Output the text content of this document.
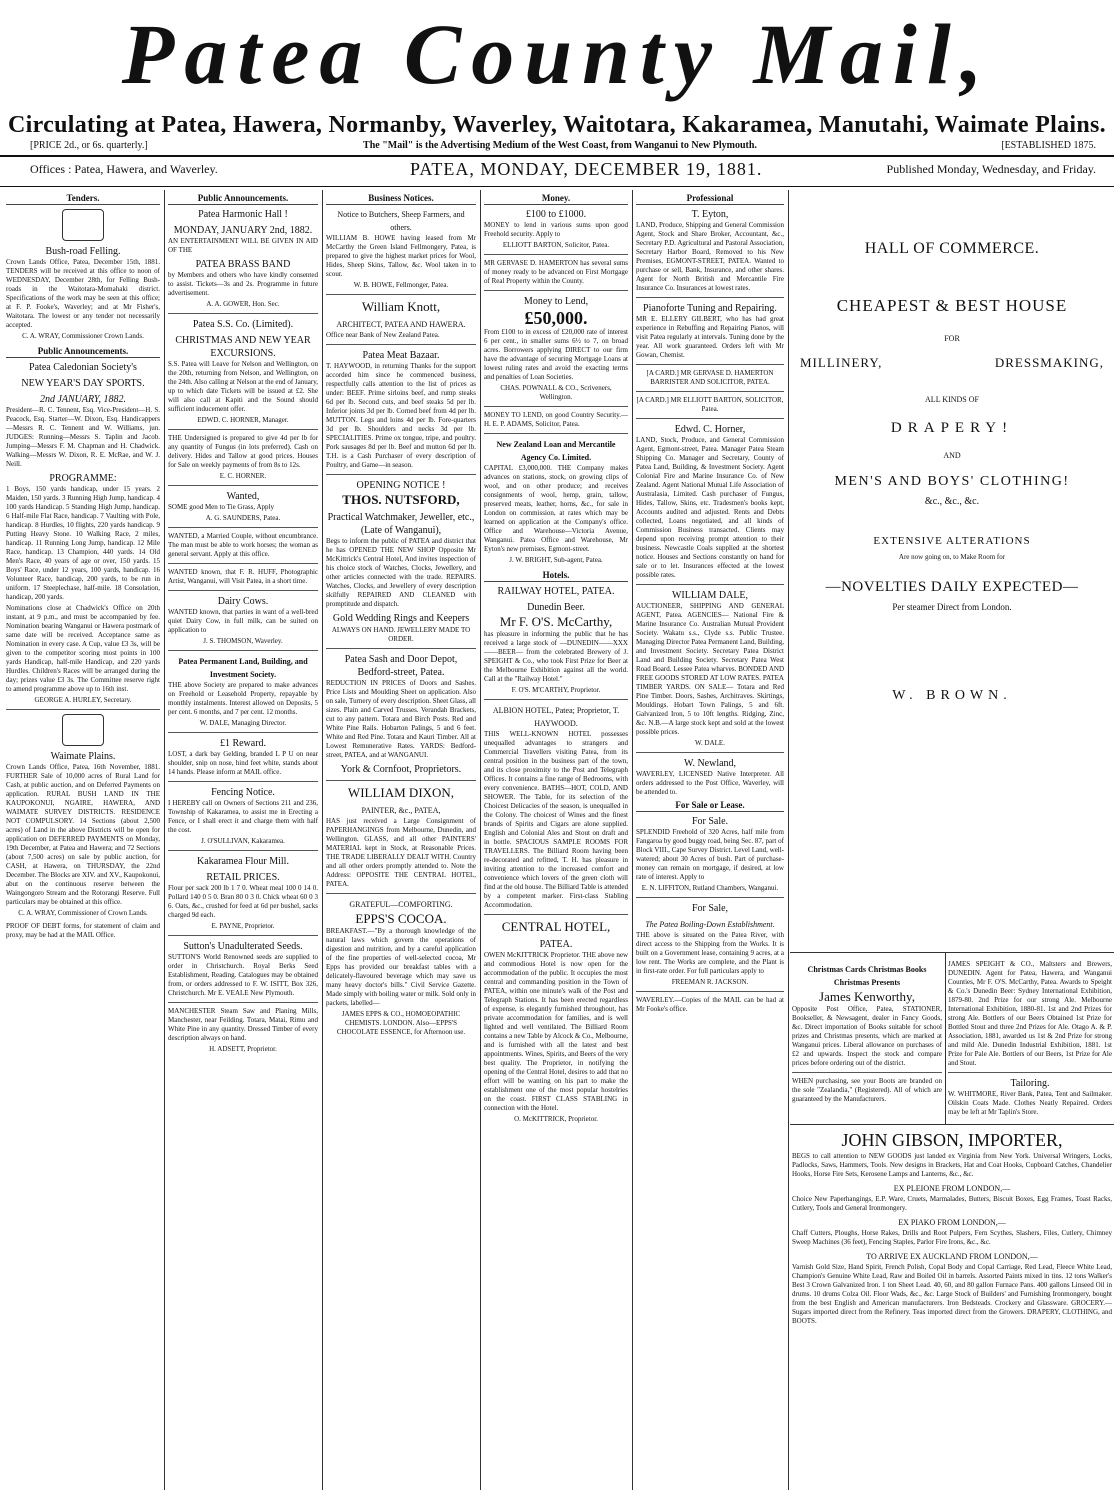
Patea County Mail,
Circulating at Patea, Hawera, Normanby, Waverley, Waitotara, Kakaramea, Manutahi, Waimate Plains.
[PRICE 2d., or 6s. quarterly.]	The "Mail" is the Advertising Medium of the West Coast, from Wanganui to New Plymouth.	[ESTABLISHED 1875.
Offices : Patea, Hawera, and Waverley.	PATEA, MONDAY, DECEMBER 19, 1881.	Published Monday, Wednesday, and Friday.
Tenders.
Bush-road Felling.
Crown Lands Office, Patea, December 15th, 1881. TENDERS will be received at this office to noon of WEDNESDAY, December 28th, for Felling Bush-roads in the Waitotara-Momahaki district. Specifications of the work may be seen at this office; at F. P. Fooke's, Waverley; and at Mr Fisher's, Waitotara. The lowest or any tender not necessarily accepted.
C. A. WRAY, Commissioner Crown Lands.
Public Announcements.
Patea Caledonian Society's
NEW YEAR'S DAY SPORTS.
2nd JANUARY, 1882.
President—R. C. Tennent, Esq. Vice-President—H. S. Peacock, Esq. Starter—W. Dixon, Esq. Handicappers—Messrs R. C. Tennent and W. Williams, jun. JUDGES: Running—Messrs S. Taplin and Jacob. Jumping—Messrs F. M. Chapman and H. Chadwick. Walking—Messrs W. Dixon, R. E. McRae, and W. J. Neill.
PROGRAMME:
1 Boys, 150 yards handicap, under 15 years. 2 Maiden, 150 yards. 3 Running High Jump, handicap. 4 100 yards Handicap. 5 Standing High Jump, handicap. 6 Half-mile Flat Race, handicap. 7 Vaulting with Pole, handicap. 8 Hurdles, 10 flights, 220 yards handicap. 9 Putting Heavy Stone. 10 Walking Race, 2 miles, handicap. 11 Running Long Jump, handicap. 12 Mile Race, handicap. 13 Champion, 440 yards. 14 Old Men's Race, 40 years of age or over, 150 yards. 15 Boys' Race, under 12 years, 100 yards, handicap. 16 Volunteer Race, handicap, 200 yards, to be run in uniform. 17 Steeplechase, half-mile. 18 Consolation, handicap, 200 yards.
Nominations close at Chadwick's Office on 20th instant, at 9 p.m., and must be accompanied by fee. Nomination bearing Wanganui or Hawera postmark of same date will be received. Acceptance same as Nomination in every case. A Cup, value £3 3s, will be given to the competitor scoring most points in 100 yards Handicap, half-mile Handicap, and 220 yards Hurdles. Children's Races will be arranged during the day; prizes value £3 3s. The Committee reserve right to amend programme above up to 16th inst.
GEORGE A. HURLEY, Secretary.
Waimate Plains.
Crown Lands Office, Patea, 16th November, 1881. FURTHER Sale of 10,000 acres of Rural Land for Cash, at public auction, and on Deferred Payments on application. RURAL BUSH LAND IN THE KAUPOKONUI, NGAIRE, HAWERA, AND WAIMATE SURVEY DISTRICTS. RESIDENCE NOT COMPULSORY. 14 Sections (about 2,500 acres) of Land in the above Districts will be open for application on DEFERRED PAYMENTS on Monday, 19th December, at Patea and Hawera; and 72 Sections (about 7,500 acres) on sale by public auction, for CASH, at Hawera, on THURSDAY, the 22nd December. The Blocks are XIV. and XV., Kaupokonui, abut on the continuous reserve between the Waingongoro Stream and the Rotorangi Reserve. Full particulars may be obtained at this office.
C. A. WRAY, Commissioner of Crown Lands.
PROOF OF DEBT forms, for statement of claim and proxy, may be had at the MAIL Office.
Public Announcements.
Patea Harmonic Hall !
MONDAY, JANUARY 2nd, 1882.
AN ENTERTAINMENT WILL BE GIVEN IN AID OF THE
PATEA BRASS BAND
by Members and others who have kindly consented to assist. Tickets—3s and 2s. Programme in future advertisement.
A. A. GOWER, Hon. Sec.
Patea S.S. Co. (Limited).
CHRISTMAS AND NEW YEAR EXCURSIONS.
S.S. Patea will Leave for Nelson and Wellington, on the 20th, returning from Nelson, and Wellington, on the 24th. Also calling at Nelson at the end of January, up to which date Tickets will be issued at £2. She will also call at Kapiti and the Sound should sufficient inducement offer.
EDWD. C. HORNER, Manager.
THE Undersigned is prepared to give 4d per lb for any quantity of Fungus (in lots preferred). Cash on delivery. Hides and Tallow at good prices. Houses for Sale on weekly payments of from 8s to 12s.
E. C. HORNER.
Wanted,
SOME good Men to Tie Grass, Apply
A. G. SAUNDERS, Patea.
WANTED, a Married Couple, without encumbrance. The man must be able to work horses; the woman as general servant. Apply at this office.
WANTED known, that F. R. HUFF, Photographic Artist, Wanganui, will Visit Patea, in a short time.
Dairy Cows.
WANTED known, that parties in want of a well-bred quiet Dairy Cow, in full milk, can be suited on application to
J. S. THOMSON, Waverley.
Patea Permanent Land, Building, and Investment Society.
THE above Society are prepared to make advances on Freehold or Leasehold Property, repayable by monthly instalments. Interest allowed on Deposits, 5 per cent. 6 months, and 7 per cent. 12 months.
W. DALE, Managing Director.
£1 Reward.
LOST, a dark bay Gelding, branded L P U on near shoulder, snip on nose, hind feet white, stands about 14 hands. Please inform at MAIL office.
Fencing Notice.
I HEREBY call on Owners of Sections 211 and 236, Township of Kakaramea, to assist me in Erecting a Fence, or I shall erect it and charge them with half the cost.
J. O'SULLIVAN, Kakaramea.
Kakaramea Flour Mill.
RETAIL PRICES.
Flour per sack 200 lb 1 7 0. Wheat meal 100 0 14 0. Pollard 140 0 5 0. Bran 80 0 3 0. Chick wheat 60 0 3 6. Oats, &c., crushed for feed at 6d per bushel, sacks charged 9d each.
E. PAYNE, Proprietor.
Sutton's Unadulterated Seeds.
SUTTON'S World Renowned seeds are supplied to order in Christchurch. Royal Berks Seed Establishment, Reading. Catalogues may be obtained from, or orders addressed to F. W. ISITT, Box 326, Christchurch. Mr E. VEALE New Plymouth.
MANCHESTER Steam Saw and Planing Mills, Manchester, near Feilding. Totara, Matai, Rimu and White Pine in any quantity. Dressed Timber of every description always on hand.
H. ADSETT, Proprietor.
Business Notices.
Notice to Butchers, Sheep Farmers, and others.
WILLIAM B. HOWE having leased from Mr McCarthy the Green Island Fellmongery, Patea, is prepared to give the highest market prices for Wool, Hides, Sheep Skins, Tallow, &c. Wool taken in to scour.
W. B. HOWE, Fellmonger, Patea.
William Knott,
ARCHITECT, PATEA AND HAWERA.
Office near Bank of New Zealand Patea.
Patea Meat Bazaar.
T. HAYWOOD, in returning Thanks for the support accorded him since he commenced business, respectfully calls attention to the list of prices as under: BEEF. Prime sirloins beef, and rump steaks 6d per lb. Second cuts, and beef steaks 5d per lb. Inferior joints 3d per lb. Corned beef from 4d per lb. MUTTON. Legs and loins 4d per lb. Fore-quarters 3d per lb. Shoulders and necks 3d per lb. SPECIALITIES. Prime ox tongue, tripe, and poultry. Pork sausages 8d per lb. Beef and mutton 6d per lb. T.H. is a Cash Purchaser of every description of Poultry, and Game—in season.
OPENING NOTICE !
THOS. NUTSFORD,
Practical Watchmaker, Jeweller, etc., (Late of Wanganui),
Begs to inform the public of PATEA and district that he has OPENED THE NEW SHOP Opposite Mr McKittrick's Central Hotel, And invites inspection of his choice stock of Watches, Clocks, Jewellery, and other articles connected with the trade. REPAIRS. Watches, Clocks, and Jewellery of every description skilfully REPAIRED AND CLEANED with promptitude and dispatch.
Gold Wedding Rings and Keepers
ALWAYS ON HAND. JEWELLERY MADE TO ORDER.
Patea Sash and Door Depot, Bedford-street, Patea.
REDUCTION IN PRICES of Doors and Sashes. Price Lists and Moulding Sheet on application. Also on sale, Turnery of every description. Sheet Glass, all sizes. Plain and Carved Trusses. Verandah Brackets, cut to any pattern. Totara and Birch Posts. Red and White Pine Rails. Hobarton Palings, 5 and 6 feet. White and Red Pine. Totara and Kauri Timber. All at Lowest Remunerative Rates. YARDS: Bedford-street, PATEA, and at WANGANUI.
York & Cornfoot, Proprietors.
WILLIAM DIXON,
PAINTER, &c., PATEA,
HAS just received a Large Consignment of PAPERHANGINGS from Melbourne, Dunedin, and Wellington. GLASS, and all other PAINTERS' MATERIAL kept in Stock, at Reasonable Prices. THE TRADE LIBERALLY DEALT WITH. Country and all other orders promptly attended to. Note the Address: OPPOSITE THE CENTRAL HOTEL, PATEA.
GRATEFUL—COMFORTING.
EPPS'S COCOA.
BREAKFAST.—"By a thorough knowledge of the natural laws which govern the operations of digestion and nutrition, and by a careful application of the fine properties of well-selected cocoa, Mr Epps has provided our breakfast tables with a delicately-flavoured beverage which may save us many heavy doctor's bills." Civil Service Gazette. Made simply with boiling water or milk. Sold only in packets, labelled—
JAMES EPPS & CO., HOMOEOPATHIC CHEMISTS. LONDON. Also—EPPS'S CHOCOLATE ESSENCE, for Afternoon use.
Money.
£100 to £1000.
MONEY to lend in various sums upon good Freehold security. Apply to
ELLIOTT BARTON, Solicitor, Patea.
MR GERVASE D. HAMERTON has several sums of money ready to be advanced on First Mortgage of Real Property within the County.
Money to Lend,
£50,000.
From £100 to in excess of £20,000 rate of interest 6 per cent., in smaller sums 6½ to 7, on broad acres. Borrowers applying DIRECT to our firm have the advantage of securing Mortgage Loans at lowest ruling rates and avoid the exacting terms and penalties of Loan Societies.
CHAS. POWNALL & CO., Scriveners, Wellington.
MONEY TO LEND, on good Country Security.—H. E. P. ADAMS, Solicitor, Patea.
New Zealand Loan and Mercantile Agency Co. Limited.
CAPITAL £3,000,000. THE Company makes advances on stations, stock, on growing clips of wool, and on other produce; and receives consignments of wool, hemp, grain, tallow, preserved meats, leather, horns, &c., for sale in London on commission, at rates which may be learned on application at the Company's office. Office and Warehouse—Victoria Avenue, Wanganui. Patea Office and Warehouse, Mr Eyton's new premises, Egmont-street.
J. W. BRIGHT, Sub-agent, Patea.
Hotels.
RAILWAY HOTEL, PATEA.
Dunedin Beer.
Mr F. O'S. McCarthy,
has pleasure in informing the public that he has received a large stock of —DUNEDIN——XXX——BEER— from the celebrated Brewery of J. SPEIGHT & Co., who took First Prize for Beer at the Melbourne Exhibition against all the world. Call at the "Railway Hotel."
F. O'S. M'CARTHY, Proprietor.
ALBION HOTEL, Patea; Proprietor, T. HAYWOOD.
THIS WELL-KNOWN HOTEL possesses unequalled advantages to strangers and Commercial Travellers visiting Patea, from its central position in the business part of the town, and its close proximity to the Post and Telegraph Offices. It contains a fine range of Bedrooms, with every convenience. BATHS—HOT, COLD, AND SHOWER. The Table, for its selection of the Choicest Delicacies of the season, is unequalled in the Colony. The choicest of Wines and the finest brands of Spirits and Cigars are alone supplied. English and Colonial Ales and Stout on draft and in bottle. SPACIOUS SAMPLE ROOMS FOR TRAVELLERS. The Billiard Room having been re-decorated and refitted, T. H. has pleasure in inviting attention to the increased comfort and convenience which lovers of the green cloth will find at the old house. The Billiard Table is attended by a competent marker. First-class Stabling Accommodation.
CENTRAL HOTEL,
PATEA.
OWEN McKITTRICK Proprietor. THE above new and commodious Hotel is now open for the accommodation of the public. It occupies the most central and commanding position in the Town of PATEA, within one minute's walk of the Post and Telegraph Stations. It has been erected regardless of expense, is elegantly furnished throughout, has private accommodation for families, and is well lighted and well ventilated. The Billiard Room contains a new Table by Alcock & Co., Melbourne, and is furnished with all the latest and best appointments. Wines, Spirits, and Beers of the very best quality. The Proprietor, in notifying the opening of the Central Hotel, desires to add that no effort will be wanting on his part to make the establishment one of the most popular hostelries on the coast. FIRST CLASS STABLING in connection with the Hotel.
O. McKITTRICK, Proprietor.
Professional
T. Eyton,
LAND, Produce, Shipping and General Commission Agent, Stock and Share Broker, Accountant, &c., Secretary P.D. Agricultural and Pastoral Association, Secretary Harbor Board, Removed to his New Premises, EGMONT-STREET, PATEA. Wanted to purchase or sell, Bank, Insurance, and other shares. Agent for North British and Mercantile Fire Insurance Co. Insurances at lowest rates.
Pianoforte Tuning and Repairing.
MR E. ELLERY GILBERT, who has had great experience in Rebuffing and Repairing Pianos, will visit Patea regularly at intervals. Tuning done by the year. All work guaranteed. Orders left with Mr Gowan, Chemist.
[A CARD.] MR GERVASE D. HAMERTON BARRISTER AND SOLICITOR, PATEA.
[A CARD.] MR ELLIOTT BARTON, SOLICITOR, Patea.
Edwd. C. Horner,
LAND, Stock, Produce, and General Commission Agent, Egmont-street, Patea. Manager Patea Steam Shipping Co. Manager and Secretary, County of Patea Land, Building, & Investment Society. Agent Colonial Fire and Marine Insurance Co. of New Zealand. Agent National Mutual Life Association of Australasia, Limited. Cash purchaser of Fungus, Hides, Tallow, Skins, etc. Tradesmen's books kept, Accounts audited and adjusted. Rents and Debts collected, Loans negotiated, and all kinds of Commission Business transacted. Clients may depend upon receiving prompt attention to their business. Newcastle Coals supplied at the shortest notice. Houses and Sections constantly on hand for sale or to let. Insurances effected at the lowest possible rates.
WILLIAM DALE,
AUCTIONEER, SHIPPING AND GENERAL AGENT, Patea. AGENCIES— National Fire & Marine Insurance Co. Australian Mutual Provident Society. Wakatu s.s., Clyde s.s. Public Trustee. Managing Director Patea Permanent Land, Building, and Investment Society. Secretary Patea District Land and Building Society. Secretary Patea West Road Board. Lessee Patea wharves. BONDED AND FREE GOODS STORED AT LOW RATES. PATEA TIMBER YARDS. ON SALE— Totara and Red Pine Timber. Doors, Sashes, Architraves. Skirtings, Mouldings. Hobart Town Palings, 5 and 6ft. Galvanized Iron, 5 to 10ft lengths. Ridging, Zinc, &c. N.B.—A large stock kept and sold at the lowest possible prices.
W. DALE.
W. Newland,
WAVERLEY, LICENSED Native Interpreter. All orders addressed to the Post Office, Waverley, will be attended to.
For Sale or Lease.
For Sale.
SPLENDID Freehold of 320 Acres, half mile from Fangaroa by good buggy road, being Sec. 87, part of Block VIII., Cape Survey District. Level Land, well-watered; about 30 Acres of bush. Part of purchase-money can remain on mortgage, if desired, at low rate of interest. Apply to
E. N. LIFFITON, Rutland Chambers, Wanganui.
For Sale,
The Patea Boiling-Down Establishment.
THE above is situated on the Patea River, with direct access to the Shipping from the Works. It is built on a Government lease, containing 9 acres, at a low rent. The Works are complete, and the Plant is in first-rate order. For full particulars apply to
FREEMAN R. JACKSON.
WAVERLEY.—Copies of the MAIL can be had at Mr Fooke's office.
HALL OF COMMERCE.
CHEAPEST & BEST HOUSE
FOR
MILLINERY,	DRESSMAKING,
ALL KINDS OF
DRAPERY!
AND
MEN'S AND BOYS' CLOTHING!
&c., &c., &c.
EXTENSIVE ALTERATIONS
Are now going on, to Make Room for
—NOVELTIES DAILY EXPECTED—
Per steamer Direct from London.
W. BROWN.
Christmas Cards Christmas Books Christmas Presents
James Kenworthy,
Opposite Post Office, Patea, STATIONER, Bookseller, & Newsagent, dealer in Fancy Goods, &c. Direct importation of Books suitable for school prizes and Christmas presents, which are marked at Wanganui prices. Liberal allowance on purchases of £2 and upwards. Inspect the stock and compare prices before ordering out of the district.
WHEN purchasing, see your Boots are branded on the sole "Zealandia," (Registered). All of which are guaranteed by the Manufacturers.
JAMES SPEIGHT & CO., Maltsters and Brewers, DUNEDIN. Agent for Patea, Hawera, and Wanganui Counties, Mr F. O'S. McCarthy, Patea. Awards to Speight & Co.'s Dunedin Beer: Sydney International Exhibition, 1879-80. 2nd Prize for our strong Ale. Melbourne International Exhibition, 1880-81. 1st and 2nd Prizes for strong Ale. Bottlers of our Beers Obtained 1st Prize for Bottled Stout and three 2nd Prizes for Ale. Otago A. & P. Association, 1881, awarded us 1st & 2nd Prize for strong and mild Ale. Dunedin Industrial Exhibition, 1881. 1st Prize for Pale Ale. Bottlers of our Beers, 1st Prize for Ale and Stout.
Tailoring.
W. WHITMORE, River Bank, Patea, Tent and Sailmaker. Oilskin Coats Made. Clothes Neatly Repaired. Orders may be left at Mr Taplin's Store.
JOHN GIBSON, IMPORTER,
BEGS to call attention to NEW GOODS just landed ex Virginia from New York. Universal Wringers, Locks, Padlocks, Saws, Hammers, Tools. New designs in Brackets, Hat and Coat Hooks, Cupboard Catches, Chandelier Hooks, Horse Fire Sets, Kerosene Lamps and Lanterns, &c., &c.
EX PLEIONE FROM LONDON,—
Choice New Paperhangings, E.P. Ware, Cruets, Marmalades, Butters, Biscuit Boxes, Egg Frames, Toast Racks, Cutlery, Tools and General Ironmongery.
EX PIAKO FROM LONDON,—
Chaff Cutters, Ploughs, Horse Rakes, Drills and Root Pulpers, Fern Scythes, Slashers, Files, Cutlery, Chimney Sweep Machines (36 feet), Fencing Staples, Parlor Fire Irons, &c., &c.
TO ARRIVE EX AUCKLAND FROM LONDON,—
Varnish Gold Size, Hand Spirit, French Polish, Copal Body and Copal Carriage, Red Lead, Fleece White Lead, Champion's Genuine White Lead, Raw and Boiled Oil in barrels. Assorted Paints mixed in tins. 12 tons Walker's Best 3 Crown Galvanized Iron. 1 ton Sheet Lead. 40, 60, and 80 gallon Furnace Pans. 400 gallons Linseed Oil in drums. 10 drums Colza Oil. Floor Wads, &c., &c. Large Stock of Builders' and Furnishing Ironmongery, bought from the best English and American manufacturers. Iron Bedsteads. Crockery and Glassware. GROCERY.—Sugars imported direct from the Refinery. Teas imported direct from the Growers. DRAPERY, CLOTHING, and BOOTS.
